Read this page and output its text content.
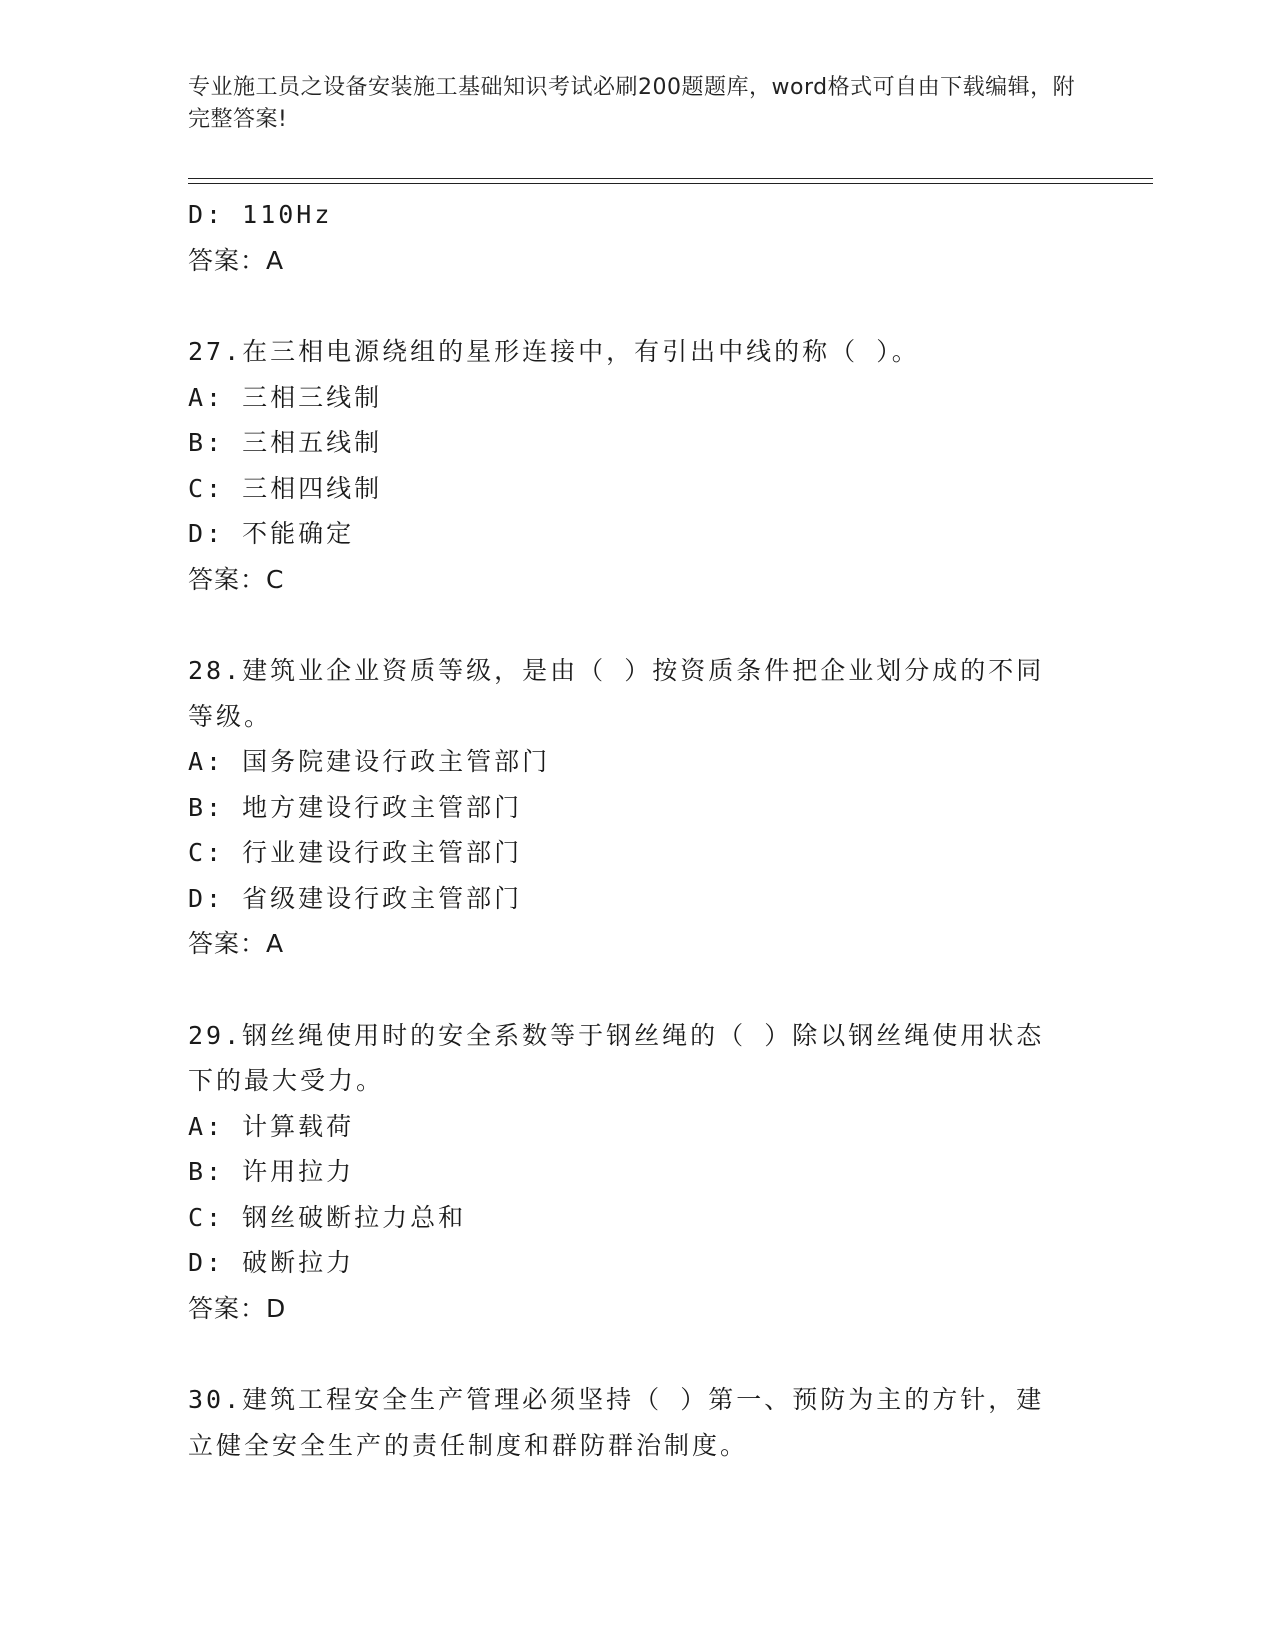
专业施工员之设备安装施工基础知识考试必刷200题题库，word格式可自由下载编辑，附完整答案!
D: 110Hz
答案：A
27.在三相电源绕组的星形连接中，有引出中线的称（ ）。
A: 三相三线制
B: 三相五线制
C: 三相四线制
D: 不能确定
答案：C
28.建筑业企业资质等级，是由（ ）按资质条件把企业划分成的不同等级。
A: 国务院建设行政主管部门
B: 地方建设行政主管部门
C: 行业建设行政主管部门
D: 省级建设行政主管部门
答案：A
29.钢丝绳使用时的安全系数等于钢丝绳的（ ）除以钢丝绳使用状态下的最大受力。
A: 计算载荷
B: 许用拉力
C: 钢丝破断拉力总和
D: 破断拉力
答案：D
30.建筑工程安全生产管理必须坚持（ ）第一、预防为主的方针，建立健全安全生产的责任制度和群防群治制度。
